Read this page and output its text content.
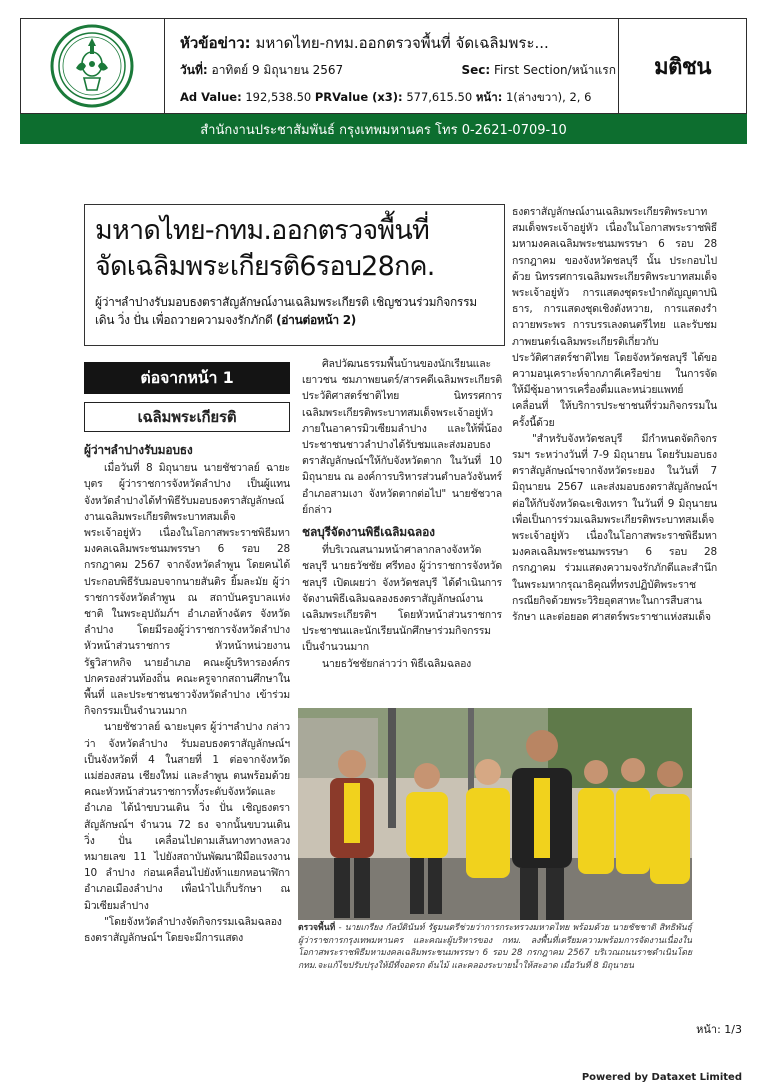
หัวข้อข่าว: มหาดไทย-กทม.ออกตรวจพื้นที่ จัดเฉลิมพระ...
วันที่: อาทิตย์ 9 มิถุนายน 2567	Sec: First Section/หน้าแรก
Ad Value: 192,538.50 PRValue (x3): 577,615.50 หน้า: 1(ล่างขวา), 2, 6
มติชน
สำนักงานประชาสัมพันธ์ กรุงเทพมหานคร โทร 0-2621-0709-10
มหาดไทย-กทม.ออกตรวจพื้นที่
จัดเฉลิมพระเกียรติ6รอบ28กค.
ผู้ว่าฯลำปางรับมอบธงตราสัญลักษณ์งานเฉลิมพระเกียรติ เชิญชวนร่วมกิจกรรม เดิน วิ่ง ปั่น เพื่อถวายความจงรักภักดี (อ่านต่อหน้า 2)
ต่อจากหน้า 1
เฉลิมพระเกียรติ
ผู้ว่าฯลำปางรับมอบธง

เมื่อวันที่ 8 มิถุนายน นายชัชวาลย์ ฉายะบุตร ผู้ว่าราชการจังหวัดลำปาง เป็นผู้แทนจังหวัดลำปางได้ทำพิธีรับมอบธงตราสัญลักษณ์งานเฉลิมพระเกียรติพระบาทสมเด็จพระเจ้าอยู่หัว เนื่องในโอกาสพระราชพิธีมหามงคลเฉลิมพระชนมพรรษา 6 รอบ 28 กรกฎาคม 2567 จากจังหวัดลำพูน โดยคนได้ประกอบพิธีรับมอบจากนายสันติร ยิ้มละมัย ผู้ว่าราชการจังหวัดลำพูน ณ สถาบันครูบาลแห่งชาติ ในพระอุปถัมภ์ฯ อำเภอห้างฉัตร จังหวัดลำปาง โดยมีรองผู้ว่าราชการจังหวัดลำปาง หัวหน้าส่วนราชการ หัวหน้าหน่วยงานรัฐวิสาหกิจ นายอำเภอ คณะผู้บริหารองค์กรปกครองส่วนท้องถิ่น คณะครูจากสถานศึกษาในพื้นที่ และประชาชนชาวจังหวัดลำปาง เข้าร่วมกิจกรรมเป็นจำนวนมาก

นายชัชวาลย์ ฉายะบุตร ผู้ว่าฯลำปาง กล่าวว่า จังหวัดลำปาง รับมอบธงตราสัญลักษณ์ฯ เป็นจังหวัดที่ 4 ในสายที่ 1 ต่อจากจังหวัดแม่ฮ่องสอน เชียงใหม่ และลำพูน ตนพร้อมด้วยคณะหัวหน้าส่วนราชการทั้งระดับจังหวัดและอำเภอ ได้นำขบวนเดิน วิ่ง ปั่น เชิญธงตราสัญลักษณ์ฯ จำนวน 72 ธง จากนั้นขบวนเดิน วิ่ง ปั่น เคลื่อนไปตามเส้นทางทางหลวงหมายเลข 11 ไปยังสถาบันพัฒนาฝีมือแรงงาน 10 ลำปาง ก่อนเคลื่อนไปยังห้าแยกหอนาฬิกา อำเภอเมืองลำปาง เพื่อนำไปเก็บรักษา ณ มิวเซียมลำปาง

"โดยจังหวัดลำปางจัดกิจกรรมเฉลิมฉลองธงตราสัญลักษณ์ฯ โดยจะมีการแสดง

ศิลปวัฒนธรรมพื้นบ้านของนักเรียนและเยาวชน ชมภาพยนตร์/สารคดีเฉลิมพระเกียรติประวัติศาสตร์ชาติไทย นิทรรศการเฉลิมพระเกียรติพระบาทสมเด็จพระเจ้าอยู่หัว ภายในอาคารมิวเซียมลำปาง และให้พี่น้องประชาชนชาวลำปางได้รับชมและส่งมอบธงตราสัญลักษณ์ฯให้กับจังหวัดตาก ในวันที่ 10 มิถุนายน ณ องค์การบริหารส่วนตำบลวังจันทร์ อำเภอสามเงา จังหวัดตากต่อไป" นายชัชวาลย์กล่าว

ชลบุรีจัดงานพิธีเฉลิมฉลอง

ที่บริเวณสนามหน้าศาลากลางจังหวัดชลบุรี นายธวัชชัย ศรีทอง ผู้ว่าราชการจังหวัดชลบุรี เปิดเผยว่า จังหวัดชลบุรี ได้ดำเนินการจัดงานพิธีเฉลิมฉลองธงตราสัญลักษณ์งานเฉลิมพระเกียรติฯ โดยหัวหน้าส่วนราชการ ประชาชนและนักเรียนนักศึกษาร่วมกิจกรรมเป็นจำนวนมาก

นายธวัชชัยกล่าวว่า พิธีเฉลิมฉลอง

ธงตราสัญลักษณ์งานเฉลิมพระเกียรติพระบาทสมเด็จพระเจ้าอยู่หัว เนื่องในโอกาสพระราชพิธีมหามงคลเฉลิมพระชนมพรรษา 6 รอบ 28 กรกฎาคม ของจังหวัดชลบุรี นั้น ประกอบไปด้วย นิทรรศการเฉลิมพระเกียรติพระบาทสมเด็จพระเจ้าอยู่หัว การแสดงชุดระบำกตัญญูตาปนิธาร, การแสดงชุดเชิงดังหวาย, การแสดงรำถวายพระพร การบรรเลงดนตรีไทย และรับชมภาพยนตร์เฉลิมพระเกียรติเกี่ยวกับประวัติศาสตร์ชาติไทย โดยจังหวัดชลบุรี ได้ขอความอนุเคราะห์จากภาคีเครือข่าย ในการจัดให้มีซุ้มอาหารเครื่องดื่มและหน่วยแพทย์เคลื่อนที่ ให้บริการประชาชนที่ร่วมกิจกรรมในครั้งนี้ด้วย

"สำหรับจังหวัดชลบุรี มีกำหนดจัดกิจกรรมฯ ระหว่างวันที่ 7-9 มิถุนายน โดยรับมอบธงตราสัญลักษณ์ฯจากจังหวัดระยอง ในวันที่ 7 มิถุนายน 2567 และส่งมอบธงตราสัญลักษณ์ฯต่อให้กับจังหวัดฉะเชิงเทรา ในวันที่ 9 มิถุนายน เพื่อเป็นการร่วมเฉลิมพระเกียรติพระบาทสมเด็จพระเจ้าอยู่หัว เนื่องในโอกาสพระราชพิธีมหามงคลเฉลิมพระชนมพรรษา 6 รอบ 28 กรกฎาคม ร่วมแสดงความจงรักภักดีและสำนึกในพระมหากรุณาธิคุณที่ทรงปฏิบัติพระราชกรณียกิจด้วยพระวิริยอุตสาหะในการสืบสานรักษา และต่อยอด ศาสตร์พระราชาแห่งสมเด็จ

ตรวจพื้นที่ - นายเกรียง กัลป์ตินันท์ รัฐมนตรีช่วยว่าการกระทรวงมหาดไทย พร้อมด้วย นายชัชชาติ สิทธิพันธุ์ ผู้ว่าราชการกรุงเทพมหานคร และคณะผู้บริหารของ กทม. ลงพื้นที่เตรียมความพร้อมการจัดงานเนื่องในโอกาสพระราชพิธีมหามงคลเฉลิมพระชนมพรรษา 6 รอบ 28 กรกฎาคม 2567 บริเวณถนนราชดำเนินโดย กทม.จะแก้ไขปรับปรุงให้มีที่จอดรถ ต้นไม้ และคลองระบายน้ำให้สะอาด เมื่อวันที่ 8 มิถุนายน
หน้า: 1/3
Powered by Dataxet Limited
